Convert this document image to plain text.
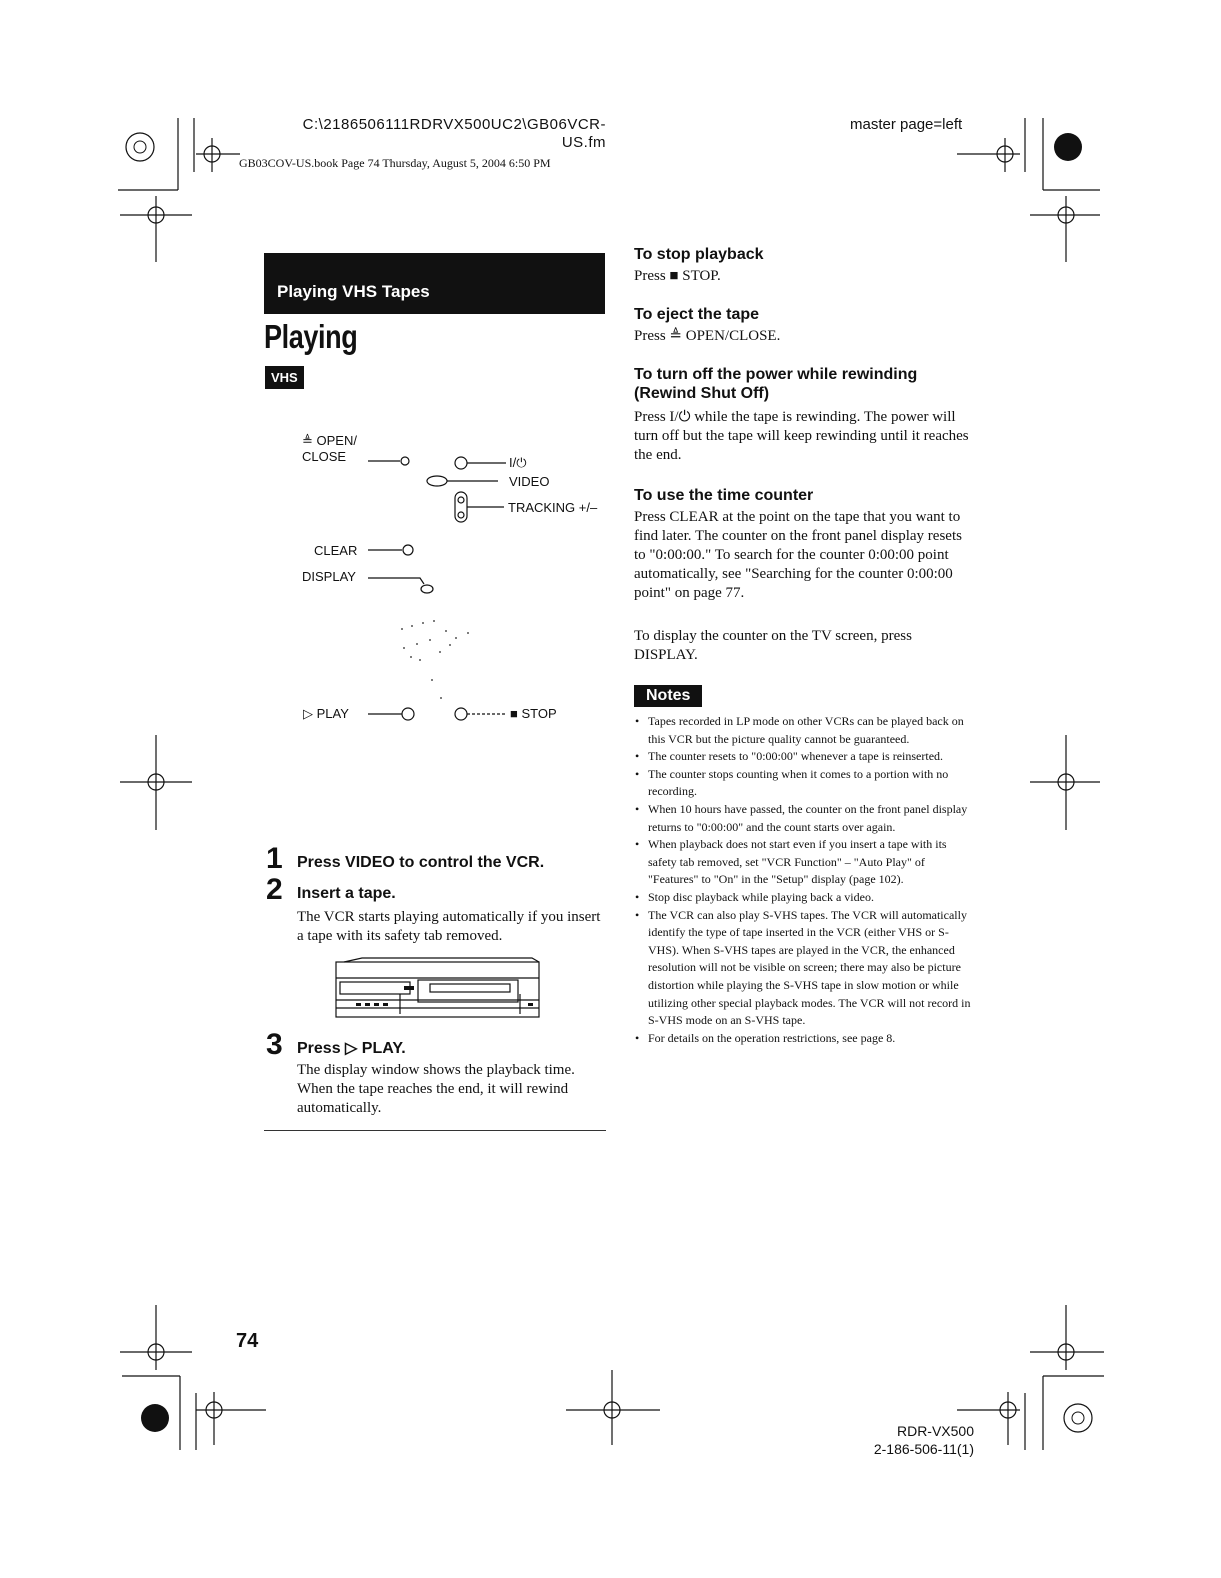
C:\2186506111RDRVX500UC2\GB06VCR-US.fm
GB03COV-US.book Page 74 Thursday, August 5, 2004 6:50 PM
master page=left
Playing VHS Tapes
Playing
VHS
≜ OPEN/
CLOSE	I/⏻
VIDEO
TRACKING +/–
CLEAR
DISPLAY
▷ PLAY	■ STOP
1 Press VIDEO to control the VCR.
2 Insert a tape.
The VCR starts playing automatically if you insert a tape with its safety tab removed.
3 Press ▷ PLAY.
The display window shows the playback time. When the tape reaches the end, it will rewind automatically.
To stop playback
Press ■ STOP.
To eject the tape
Press ≜ OPEN/CLOSE.
To turn off the power while rewinding (Rewind Shut Off)
Press I/⏻ while the tape is rewinding. The power will turn off but the tape will keep rewinding until it reaches the end.
To use the time counter
Press CLEAR at the point on the tape that you want to find later. The counter on the front panel display resets to "0:00:00." To search for the counter 0:00:00 point automatically, see "Searching for the counter 0:00:00 point" on page 77.
To display the counter on the TV screen, press DISPLAY.
Notes
• Tapes recorded in LP mode on other VCRs can be played back on this VCR but the picture quality cannot be guaranteed.
• The counter resets to "0:00:00" whenever a tape is reinserted.
• The counter stops counting when it comes to a portion with no recording.
• When 10 hours have passed, the counter on the front panel display returns to "0:00:00" and the count starts over again.
• When playback does not start even if you insert a tape with its safety tab removed, set "VCR Function" – "Auto Play" of "Features" to "On" in the "Setup" display (page 102).
• Stop disc playback while playing back a video.
• The VCR can also play S-VHS tapes. The VCR will automatically identify the type of tape inserted in the VCR (either VHS or S-VHS). When S-VHS tapes are played in the VCR, the enhanced resolution will not be visible on screen; there may also be picture distortion while playing the S-VHS tape in slow motion or while utilizing other special playback modes. The VCR will not record in S-VHS mode on an S-VHS tape.
• For details on the operation restrictions, see page 8.
74
RDR-VX500
2-186-506-11(1)
